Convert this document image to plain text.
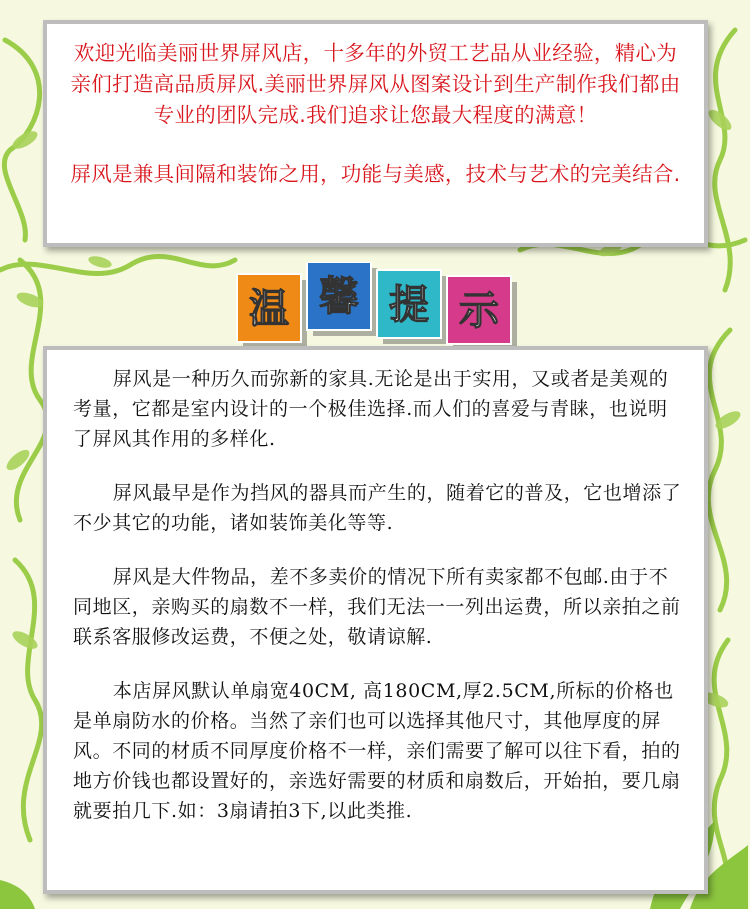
欢迎光临美丽世界屏风店，十多年的外贸工艺品从业经验，精心为亲们打造高品质屏风.美丽世界屏风从图案设计到生产制作我们都由专业的团队完成.我们追求让您最大程度的满意！

屏风是兼具间隔和装饰之用，功能与美感，技术与艺术的完美结合.

温 馨 提 示

屏风是一种历久而弥新的家具.无论是出于实用，又或者是美观的考量，它都是室内设计的一个极佳选择.而人们的喜爱与青睐，也说明了屏风其作用的多样化.

屏风最早是作为挡风的器具而产生的，随着它的普及，它也增添了不少其它的功能，诸如装饰美化等等.

屏风是大件物品，差不多卖价的情况下所有卖家都不包邮.由于不同地区，亲购买的扇数不一样，我们无法一一列出运费，所以亲拍之前联系客服修改运费，不便之处，敬请谅解.

本店屏风默认单扇宽40CM, 高180CM,厚2.5CM,所标的价格也是单扇防水的价格。当然了亲们也可以选择其他尺寸，其他厚度的屏风。不同的材质不同厚度价格不一样，亲们需要了解可以往下看，拍的地方价钱也都设置好的，亲选好需要的材质和扇数后，开始拍，要几扇就要拍几下.如：3扇请拍3下,以此类推.
